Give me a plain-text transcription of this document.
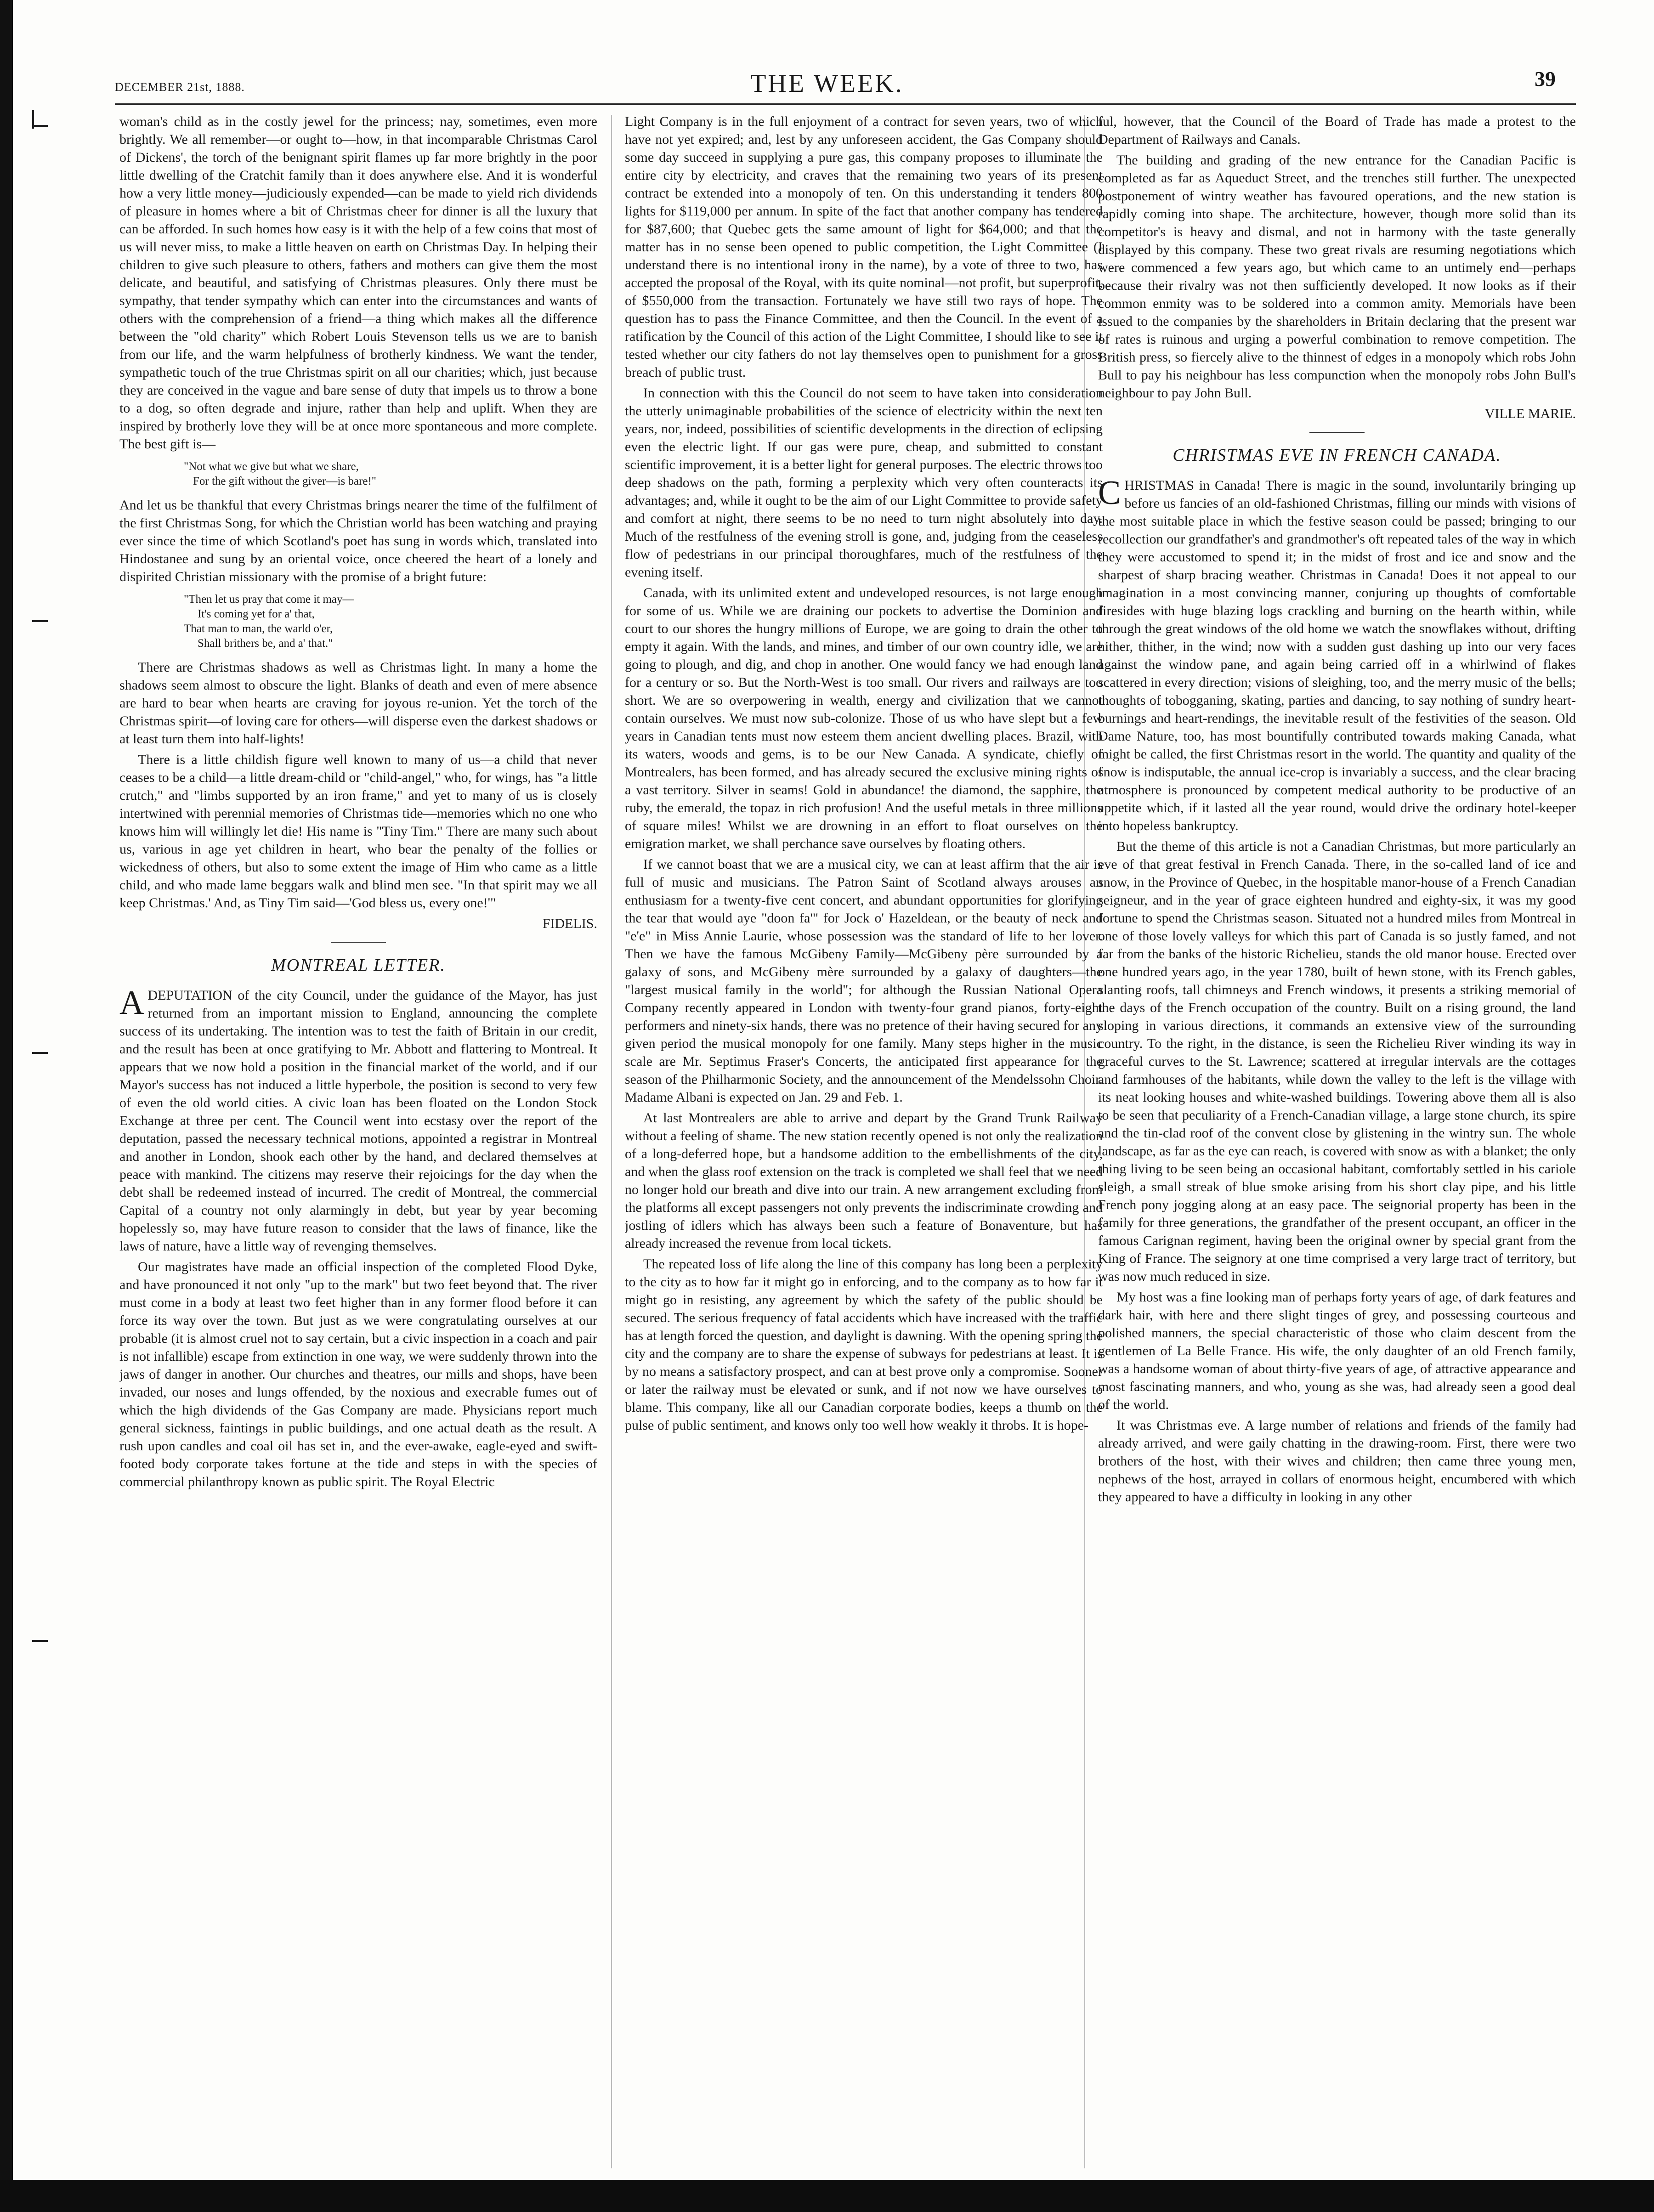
DECEMBER 21st, 1888.	THE WEEK.	39

woman's child as in the costly jewel for the princess; nay, sometimes, even more brightly. We all remember—or ought to—how, in that incomparable Christmas Carol of Dickens', the torch of the benignant spirit flames up far more brightly in the poor little dwelling of the Cratchit family than it does anywhere else. And it is wonderful how a very little money—judiciously expended—can be made to yield rich dividends of pleasure in homes where a bit of Christmas cheer for dinner is all the luxury that can be afforded. In such homes how easy is it with the help of a few coins that most of us will never miss, to make a little heaven on earth on Christmas Day. In helping their children to give such pleasure to others, fathers and mothers can give them the most delicate, and beautiful, and satisfying of Christmas pleasures. Only there must be sympathy, that tender sympathy which can enter into the circumstances and wants of others with the comprehension of a friend—a thing which makes all the difference between the "old charity" which Robert Louis Stevenson tells us we are to banish from our life, and the warm helpfulness of brotherly kindness. We want the tender, sympathetic touch of the true Christmas spirit on all our charities; which, just because they are conceived in the vague and bare sense of duty that impels us to throw a bone to a dog, so often degrade and injure, rather than help and uplift. When they are inspired by brotherly love they will be at once more spontaneous and more complete. The best gift is—

"Not what we give but what we share,
For the gift without the giver—is bare!"

And let us be thankful that every Christmas brings nearer the time of the fulfilment of the first Christmas Song, for which the Christian world has been watching and praying ever since the time of which Scotland's poet has sung in words which, translated into Hindostanee and sung by an oriental voice, once cheered the heart of a lonely and dispirited Christian missionary with the promise of a bright future:

"Then let us pray that come it may—
It's coming yet for a' that,
That man to man, the warld o'er,
Shall brithers be, and a' that."

There are Christmas shadows as well as Christmas light. In many a home the shadows seem almost to obscure the light. Blanks of death and even of mere absence are hard to bear when hearts are craving for joyous re-union. Yet the torch of the Christmas spirit—of loving care for others—will disperse even the darkest shadows or at least turn them into half-lights!

There is a little childish figure well known to many of us—a child that never ceases to be a child—a little dream-child or "child-angel," who, for wings, has "a little crutch," and "limbs supported by an iron frame," and yet to many of us is closely intertwined with perennial memories of Christmas tide—memories which no one who knows him will willingly let die! His name is "Tiny Tim." There are many such about us, various in age yet children in heart, who bear the penalty of the follies or wickedness of others, but also to some extent the image of Him who came as a little child, and who made lame beggars walk and blind men see. "In that spirit may we all keep Christmas.' And, as Tiny Tim said—'God bless us, every one!'"

FIDELIS.

MONTREAL LETTER.

ADEPUTATION of the city Council, under the guidance of the Mayor, has just returned from an important mission to England, announcing the complete success of its undertaking. The intention was to test the faith of Britain in our credit, and the result has been at once gratifying to Mr. Abbott and flattering to Montreal. It appears that we now hold a position in the financial market of the world, and if our Mayor's success has not induced a little hyperbole, the position is second to very few of even the old world cities. A civic loan has been floated on the London Stock Exchange at three per cent. The Council went into ecstasy over the report of the deputation, passed the necessary technical motions, appointed a registrar in Montreal and another in London, shook each other by the hand, and declared themselves at peace with mankind. The citizens may reserve their rejoicings for the day when the debt shall be redeemed instead of incurred. The credit of Montreal, the commercial Capital of a country not only alarmingly in debt, but year by year becoming hopelessly so, may have future reason to consider that the laws of finance, like the laws of nature, have a little way of revenging themselves.

Our magistrates have made an official inspection of the completed Flood Dyke, and have pronounced it not only "up to the mark" but two feet beyond that. The river must come in a body at least two feet higher than in any former flood before it can force its way over the town. But just as we were congratulating ourselves at our probable (it is almost cruel not to say certain, but a civic inspection in a coach and pair is not infallible) escape from extinction in one way, we were suddenly thrown into the jaws of danger in another. Our churches and theatres, our mills and shops, have been invaded, our noses and lungs offended, by the noxious and execrable fumes out of which the high dividends of the Gas Company are made. Physicians report much general sickness, faintings in public buildings, and one actual death as the result. A rush upon candles and coal oil has set in, and the ever-awake, eagle-eyed and swift-footed body corporate takes fortune at the tide and steps in with the species of commercial philanthropy known as public spirit. The Royal Electric

Light Company is in the full enjoyment of a contract for seven years, two of which have not yet expired; and, lest by any unforeseen accident, the Gas Company should some day succeed in supplying a pure gas, this company proposes to illuminate the entire city by electricity, and craves that the remaining two years of its present contract be extended into a monopoly of ten. On this understanding it tenders 800 lights for $119,000 per annum. In spite of the fact that another company has tendered for $87,600; that Quebec gets the same amount of light for $64,000; and that the matter has in no sense been opened to public competition, the Light Committee (I understand there is no intentional irony in the name), by a vote of three to two, has accepted the proposal of the Royal, with its quite nominal—not profit, but superprofit, of $550,000 from the transaction. Fortunately we have still two rays of hope. The question has to pass the Finance Committee, and then the Council. In the event of a ratification by the Council of this action of the Light Committee, I should like to see it tested whether our city fathers do not lay themselves open to punishment for a gross breach of public trust.

In connection with this the Council do not seem to have taken into consideration the utterly unimaginable probabilities of the science of electricity within the next ten years, nor, indeed, possibilities of scientific developments in the direction of eclipsing even the electric light. If our gas were pure, cheap, and submitted to constant scientific improvement, it is a better light for general purposes. The electric throws too deep shadows on the path, forming a perplexity which very often counteracts its advantages; and, while it ought to be the aim of our Light Committee to provide safety and comfort at night, there seems to be no need to turn night absolutely into day. Much of the restfulness of the evening stroll is gone, and, judging from the ceaseless flow of pedestrians in our principal thoroughfares, much of the restfulness of the evening itself.

Canada, with its unlimited extent and undeveloped resources, is not large enough for some of us. While we are draining our pockets to advertise the Dominion and court to our shores the hungry millions of Europe, we are going to drain the other to empty it again. With the lands, and mines, and timber of our own country idle, we are going to plough, and dig, and chop in another. One would fancy we had enough land for a century or so. But the North-West is too small. Our rivers and railways are too short. We are so overpowering in wealth, energy and civilization that we cannot contain ourselves. We must now sub-colonize. Those of us who have slept but a few years in Canadian tents must now esteem them ancient dwelling places. Brazil, with its waters, woods and gems, is to be our New Canada. A syndicate, chiefly of Montrealers, has been formed, and has already secured the exclusive mining rights of a vast territory. Silver in seams! Gold in abundance! the diamond, the sapphire, the ruby, the emerald, the topaz in rich profusion! And the useful metals in three millions of square miles! Whilst we are drowning in an effort to float ourselves on the emigration market, we shall perchance save ourselves by floating others.

If we cannot boast that we are a musical city, we can at least affirm that the air is full of music and musicians. The Patron Saint of Scotland always arouses an enthusiasm for a twenty-five cent concert, and abundant opportunities for glorifying the tear that would aye "doon fa'" for Jock o' Hazeldean, or the beauty of neck and "e'e" in Miss Annie Laurie, whose possession was the standard of life to her lover. Then we have the famous McGibeny Family—McGibeny père surrounded by a galaxy of sons, and McGibeny mère surrounded by a galaxy of daughters—the "largest musical family in the world"; for although the Russian National Opera Company recently appeared in London with twenty-four grand pianos, forty-eight performers and ninety-six hands, there was no pretence of their having secured for any given period the musical monopoly for one family. Many steps higher in the music scale are Mr. Septimus Fraser's Concerts, the anticipated first appearance for the season of the Philharmonic Society, and the announcement of the Mendelssohn Choir. Madame Albani is expected on Jan. 29 and Feb. 1.

At last Montrealers are able to arrive and depart by the Grand Trunk Railway without a feeling of shame. The new station recently opened is not only the realization of a long-deferred hope, but a handsome addition to the embellishments of the city, and when the glass roof extension on the track is completed we shall feel that we need no longer hold our breath and dive into our train. A new arrangement excluding from the platforms all except passengers not only prevents the indiscriminate crowding and jostling of idlers which has always been such a feature of Bonaventure, but has already increased the revenue from local tickets.

The repeated loss of life along the line of this company has long been a perplexity to the city as to how far it might go in enforcing, and to the company as to how far it might go in resisting, any agreement by which the safety of the public should be secured. The serious frequency of fatal accidents which have increased with the traffic has at length forced the question, and daylight is dawning. With the opening spring the city and the company are to share the expense of subways for pedestrians at least. It is by no means a satisfactory prospect, and can at best prove only a compromise. Sooner or later the railway must be elevated or sunk, and if not now we have ourselves to blame. This company, like all our Canadian corporate bodies, keeps a thumb on the pulse of public sentiment, and knows only too well how weakly it throbs. It is hope-

ful, however, that the Council of the Board of Trade has made a protest to the Department of Railways and Canals.

The building and grading of the new entrance for the Canadian Pacific is completed as far as Aqueduct Street, and the trenches still further. The unexpected postponement of wintry weather has favoured operations, and the new station is rapidly coming into shape. The architecture, however, though more solid than its competitor's is heavy and dismal, and not in harmony with the taste generally displayed by this company. These two great rivals are resuming negotiations which were commenced a few years ago, but which came to an untimely end—perhaps because their rivalry was not then sufficiently developed. It now looks as if their common enmity was to be soldered into a common amity. Memorials have been issued to the companies by the shareholders in Britain declaring that the present war of rates is ruinous and urging a powerful combination to remove competition. The British press, so fiercely alive to the thinnest of edges in a monopoly which robs John Bull to pay his neighbour has less compunction when the monopoly robs John Bull's neighbour to pay John Bull.

VILLE MARIE.

CHRISTMAS EVE IN FRENCH CANADA.

CHRISTMAS in Canada! There is magic in the sound, involuntarily bringing up before us fancies of an old-fashioned Christmas, filling our minds with visions of the most suitable place in which the festive season could be passed; bringing to our recollection our grandfather's and grandmother's oft repeated tales of the way in which they were accustomed to spend it; in the midst of frost and ice and snow and the sharpest of sharp bracing weather. Christmas in Canada! Does it not appeal to our imagination in a most convincing manner, conjuring up thoughts of comfortable firesides with huge blazing logs crackling and burning on the hearth within, while through the great windows of the old home we watch the snowflakes without, drifting hither, thither, in the wind; now with a sudden gust dashing up into our very faces against the window pane, and again being carried off in a whirlwind of flakes scattered in every direction; visions of sleighing, too, and the merry music of the bells; thoughts of tobogganing, skating, parties and dancing, to say nothing of sundry heart-burnings and heart-rendings, the inevitable result of the festivities of the season. Old Dame Nature, too, has most bountifully contributed towards making Canada, what might be called, the first Christmas resort in the world. The quantity and quality of the snow is indisputable, the annual ice-crop is invariably a success, and the clear bracing atmosphere is pronounced by competent medical authority to be productive of an appetite which, if it lasted all the year round, would drive the ordinary hotel-keeper into hopeless bankruptcy.

But the theme of this article is not a Canadian Christmas, but more particularly an eve of that great festival in French Canada. There, in the so-called land of ice and snow, in the Province of Quebec, in the hospitable manor-house of a French Canadian seigneur, and in the year of grace eighteen hundred and eighty-six, it was my good fortune to spend the Christmas season. Situated not a hundred miles from Montreal in one of those lovely valleys for which this part of Canada is so justly famed, and not far from the banks of the historic Richelieu, stands the old manor house. Erected over one hundred years ago, in the year 1780, built of hewn stone, with its French gables, slanting roofs, tall chimneys and French windows, it presents a striking memorial of the days of the French occupation of the country. Built on a rising ground, the land sloping in various directions, it commands an extensive view of the surrounding country. To the right, in the distance, is seen the Richelieu River winding its way in graceful curves to the St. Lawrence; scattered at irregular intervals are the cottages and farmhouses of the habitants, while down the valley to the left is the village with its neat looking houses and white-washed buildings. Towering above them all is also to be seen that peculiarity of a French-Canadian village, a large stone church, its spire and the tin-clad roof of the convent close by glistening in the wintry sun. The whole landscape, as far as the eye can reach, is covered with snow as with a blanket; the only thing living to be seen being an occasional habitant, comfortably settled in his cariole sleigh, a small streak of blue smoke arising from his short clay pipe, and his little French pony jogging along at an easy pace. The seignorial property has been in the family for three generations, the grandfather of the present occupant, an officer in the famous Carignan regiment, having been the original owner by special grant from the King of France. The seignory at one time comprised a very large tract of territory, but was now much reduced in size.

My host was a fine looking man of perhaps forty years of age, of dark features and dark hair, with here and there slight tinges of grey, and possessing courteous and polished manners, the special characteristic of those who claim descent from the gentlemen of La Belle France. His wife, the only daughter of an old French family, was a handsome woman of about thirty-five years of age, of attractive appearance and most fascinating manners, and who, young as she was, had already seen a good deal of the world.

It was Christmas eve. A large number of relations and friends of the family had already arrived, and were gaily chatting in the drawing-room. First, there were two brothers of the host, with their wives and children; then came three young men, nephews of the host, arrayed in collars of enormous height, encumbered with which they appeared to have a difficulty in looking in any other
